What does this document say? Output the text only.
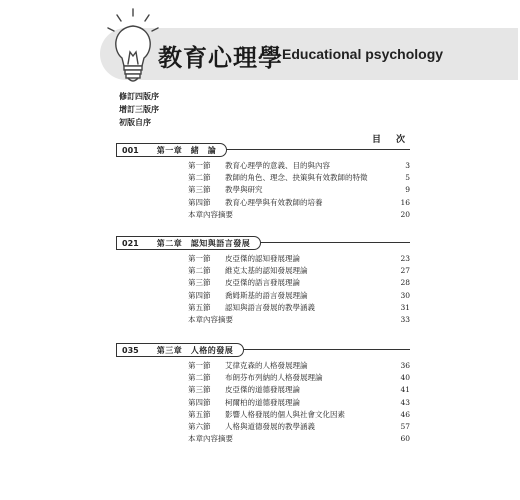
教育心理學 Educational psychology
修訂四版序
增訂三版序
初版自序
目　次
001 第一章　緒　論
第一節 教育心理學的意義、目的與內容	3
第二節 教師的角色、理念、抉策與有效教師的特徵	5
第三節 教學與研究	9
第四節 教育心理學與有效教師的培養	16
本章內容摘要	20
021 第二章　認知與語言發展
第一節 皮亞傑的認知發展理論	23
第二節 維克太基的認知發展理論	27
第三節 皮亞傑的語言發展理論	28
第四節 喬姆斯基的語言發展理論	30
第五節 認知與語言發展的教學涵義	31
本章內容摘要	33
035 第三章　人格的發展
第一節 艾律克森的人格發展理論	36
第二節 布朗芬布列納的人格發展理論	40
第三節 皮亞傑的道德發展理論	41
第四節 柯爾柏的道德發展理論	43
第五節 影響人格發展的個人與社會文化因素	46
第六節 人格與道德發展的教學涵義	57
本章內容摘要	60
